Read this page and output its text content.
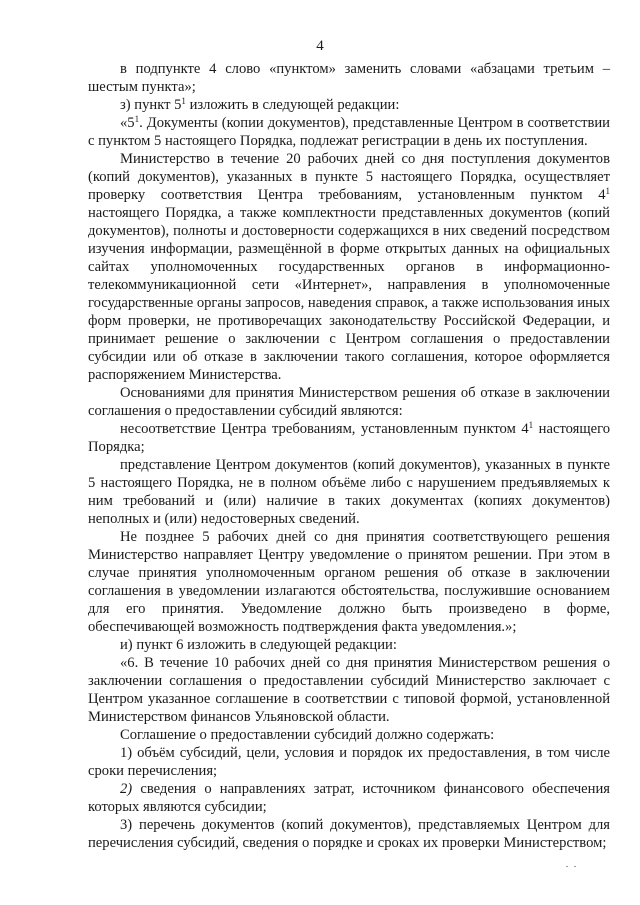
4

в подпункте 4 слово «пунктом» заменить словами «абзацами третьим – шестым пункта»;

з) пункт $5^1$ изложить в следующей редакции:

«$5^1$. Документы (копии документов), представленные Центром в соответствии с пунктом 5 настоящего Порядка, подлежат регистрации в день их поступления.

Министерство в течение 20 рабочих дней со дня поступления документов (копий документов), указанных в пункте 5 настоящего Порядка, осуществляет проверку соответствия Центра требованиям, установленным пунктом $4^1$ настоящего Порядка, а также комплектности представленных документов (копий документов), полноты и достоверности содержащихся в них сведений посредством изучения информации, размещённой в форме открытых данных на официальных сайтах уполномоченных государственных органов в информационно-телекоммуникационной сети «Интернет», направления в уполномоченные государственные органы запросов, наведения справок, а также использования иных форм проверки, не противоречащих законодательству Российской Федерации, и принимает решение о заключении с Центром соглашения о предоставлении субсидии или об отказе в заключении такого соглашения, которое оформляется распоряжением Министерства.

Основаниями для принятия Министерством решения об отказе в заключении соглашения о предоставлении субсидий являются:

несоответствие Центра требованиям, установленным пунктом $4^1$ настоящего Порядка;

представление Центром документов (копий документов), указанных в пункте 5 настоящего Порядка, не в полном объёме либо с нарушением предъявляемых к ним требований и (или) наличие в таких документах (копиях документов) неполных и (или) недостоверных сведений.

Не позднее 5 рабочих дней со дня принятия соответствующего решения Министерство направляет Центру уведомление о принятом решении. При этом в случае принятия уполномоченным органом решения об отказе в заключении соглашения в уведомлении излагаются обстоятельства, послужившие основанием для его принятия. Уведомление должно быть произведено в форме, обеспечивающей возможность подтверждения факта уведомления.»;

и) пункт 6 изложить в следующей редакции:

«6. В течение 10 рабочих дней со дня принятия Министерством решения о заключении соглашения о предоставлении субсидий Министерство заключает с Центром указанное соглашение в соответствии с типовой формой, установленной Министерством финансов Ульяновской области.

Соглашение о предоставлении субсидий должно содержать:

1) объём субсидий, цели, условия и порядок их предоставления, в том числе сроки перечисления;

2) сведения о направлениях затрат, источником финансового обеспечения которых являются субсидии;

3) перечень документов (копий документов), представляемых Центром для перечисления субсидий, сведения о порядке и сроках их проверки Министерством;
